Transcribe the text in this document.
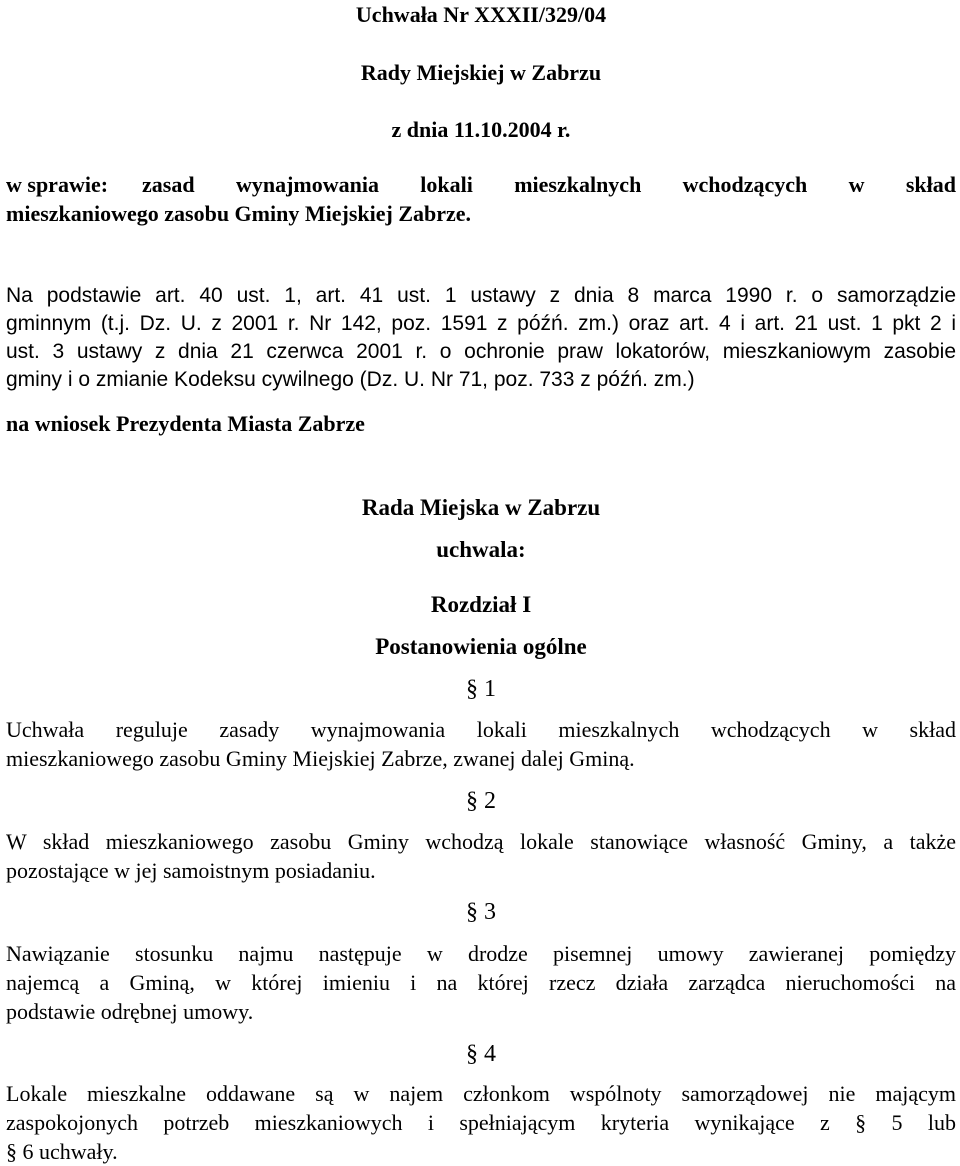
Uchwała Nr XXXII/329/04
Rady Miejskiej w Zabrzu
z dnia 11.10.2004 r.
w sprawie: zasad wynajmowania lokali mieszkalnych wchodzących w skład
mieszkaniowego zasobu Gminy Miejskiej Zabrze.
Na podstawie art. 40 ust. 1, art. 41 ust. 1 ustawy z dnia 8 marca 1990 r. o samorządzie
gminnym (t.j. Dz. U. z 2001 r. Nr 142, poz. 1591 z późń. zm.) oraz art. 4 i art. 21 ust. 1 pkt 2 i
ust. 3 ustawy z dnia 21 czerwca 2001 r. o ochronie praw lokatorów, mieszkaniowym zasobie
gminy i o zmianie Kodeksu cywilnego (Dz. U. Nr 71, poz. 733 z późń. zm.)
na wniosek Prezydenta Miasta Zabrze
Rada Miejska w Zabrzu
uchwala:
Rozdział I
Postanowienia ogólne
§ 1
Uchwała reguluje zasady wynajmowania lokali mieszkalnych wchodzących w skład
mieszkaniowego zasobu Gminy Miejskiej Zabrze, zwanej dalej Gminą.
§ 2
W skład mieszkaniowego zasobu Gminy wchodzą lokale stanowiące własność Gminy, a także
pozostające w jej samoistnym posiadaniu.
§ 3
Nawiązanie stosunku najmu następuje w drodze pisemnej umowy zawieranej pomiędzy
najemcą a Gminą, w której imieniu i na której rzecz działa zarządca nieruchomości na
podstawie odrębnej umowy.
§ 4
Lokale mieszkalne oddawane są w najem członkom wspólnoty samorządowej nie mającym
zaspokojonych potrzeb mieszkaniowych i spełniającym kryteria wynikające z § 5 lub
§ 6 uchwały.
